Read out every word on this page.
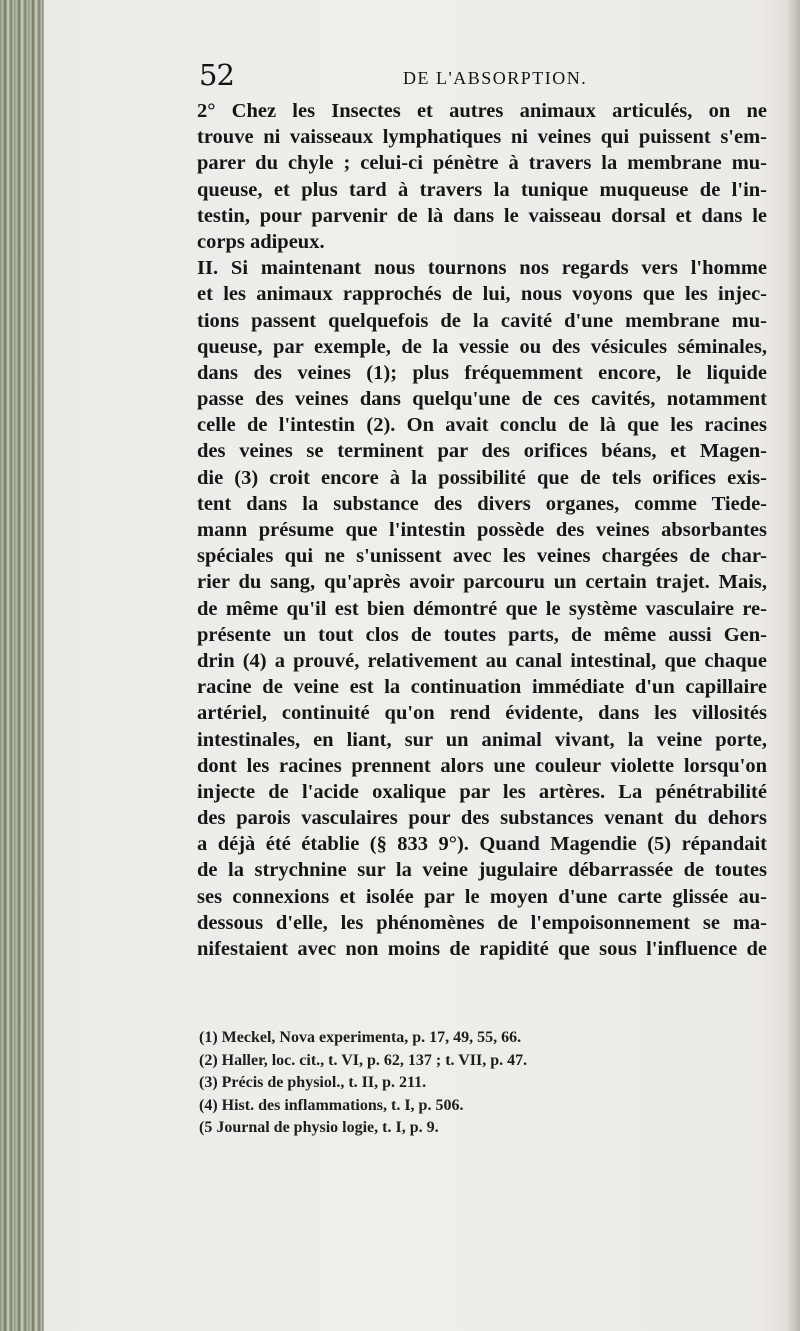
52	DE L'ABSORPTION.
2° Chez les Insectes et autres animaux articulés, on ne
trouve ni vaisseaux lymphatiques ni veines qui puissent s'em-
parer du chyle ; celui-ci pénètre à travers la membrane mu-
queuse, et plus tard à travers la tunique muqueuse de l'in-
testin, pour parvenir de là dans le vaisseau dorsal et dans le
corps adipeux.
II. Si maintenant nous tournons nos regards vers l'homme
et les animaux rapprochés de lui, nous voyons que les injec-
tions passent quelquefois de la cavité d'une membrane mu-
queuse, par exemple, de la vessie ou des vésicules séminales,
dans des veines (1); plus fréquemment encore, le liquide
passe des veines dans quelqu'une de ces cavités, notamment
celle de l'intestin (2). On avait conclu de là que les racines
des veines se terminent par des orifices béans, et Magen-
die (3) croit encore à la possibilité que de tels orifices exis-
tent dans la substance des divers organes, comme Tiede-
mann présume que l'intestin possède des veines absorbantes
spéciales qui ne s'unissent avec les veines chargées de char-
rier du sang, qu'après avoir parcouru un certain trajet. Mais,
de même qu'il est bien démontré que le système vasculaire re-
présente un tout clos de toutes parts, de même aussi Gen-
drin (4) a prouvé, relativement au canal intestinal, que chaque
racine de veine est la continuation immédiate d'un capillaire
artériel, continuité qu'on rend évidente, dans les villosités
intestinales, en liant, sur un animal vivant, la veine porte,
dont les racines prennent alors une couleur violette lorsqu'on
injecte de l'acide oxalique par les artères. La pénétrabilité
des parois vasculaires pour des substances venant du dehors
a déjà été établie (§ 833 9°). Quand Magendie (5) répandait
de la strychnine sur la veine jugulaire débarrassée de toutes
ses connexions et isolée par le moyen d'une carte glissée au-
dessous d'elle, les phénomènes de l'empoisonnement se ma-
nifestaient avec non moins de rapidité que sous l'influence de
(1) Meckel, Nova experimenta, p. 17, 49, 55, 66.
(2) Haller, loc. cit., t. VI, p. 62, 137 ; t. VII, p. 47.
(3) Précis de physiol., t. II, p. 211.
(4) Hist. des inflammations, t. I, p. 506.
(5 Journal de physio logie, t. I, p. 9.
